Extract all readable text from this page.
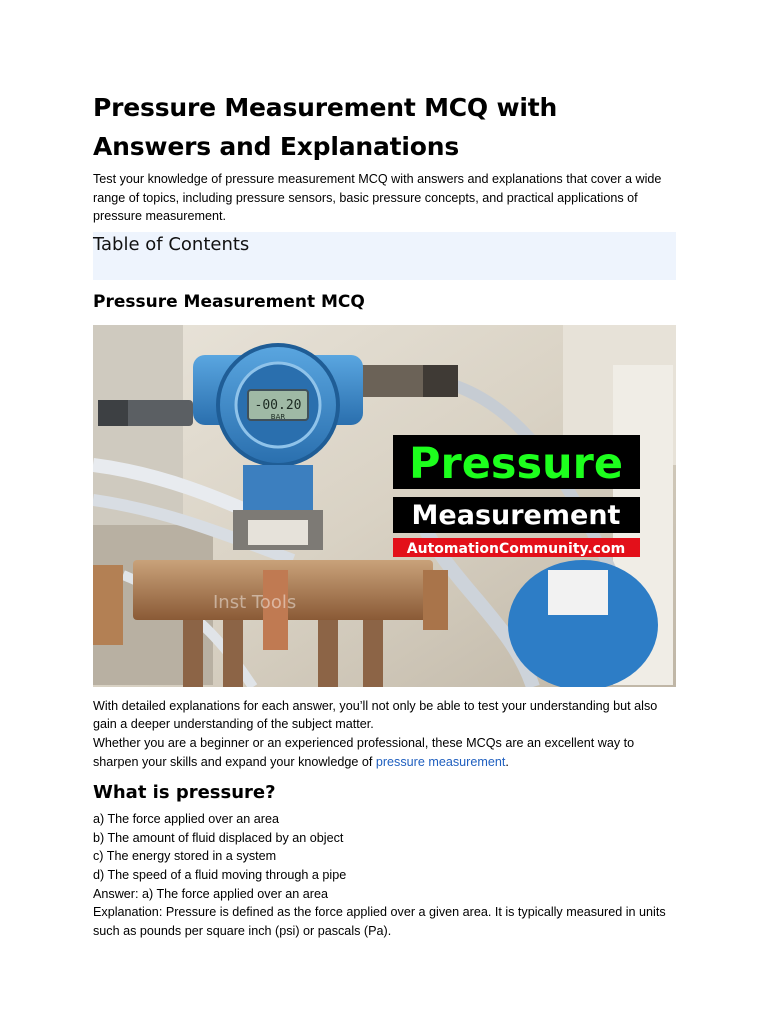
Pressure Measurement MCQ with Answers and Explanations

Test your knowledge of pressure measurement MCQ with answers and explanations that cover a wide range of topics, including pressure sensors, basic pressure concepts, and practical applications of pressure measurement.

Table of Contents
Pressure Measurement MCQ
-00.20
BAR
Inst Tools
Pressure
Measurement
AutomationCommunity.com

With detailed explanations for each answer, you’ll not only be able to test your understanding but also gain a deeper understanding of the subject matter.

Whether you are a beginner or an experienced professional, these MCQs are an excellent way to sharpen your skills and expand your knowledge of pressure measurement.

What is pressure?

a) The force applied over an area

b) The amount of fluid displaced by an object

c) The energy stored in a system

d) The speed of a fluid moving through a pipe

Answer: a) The force applied over an area

Explanation: Pressure is defined as the force applied over a given area. It is typically measured in units such as pounds per square inch (psi) or pascals (Pa).
